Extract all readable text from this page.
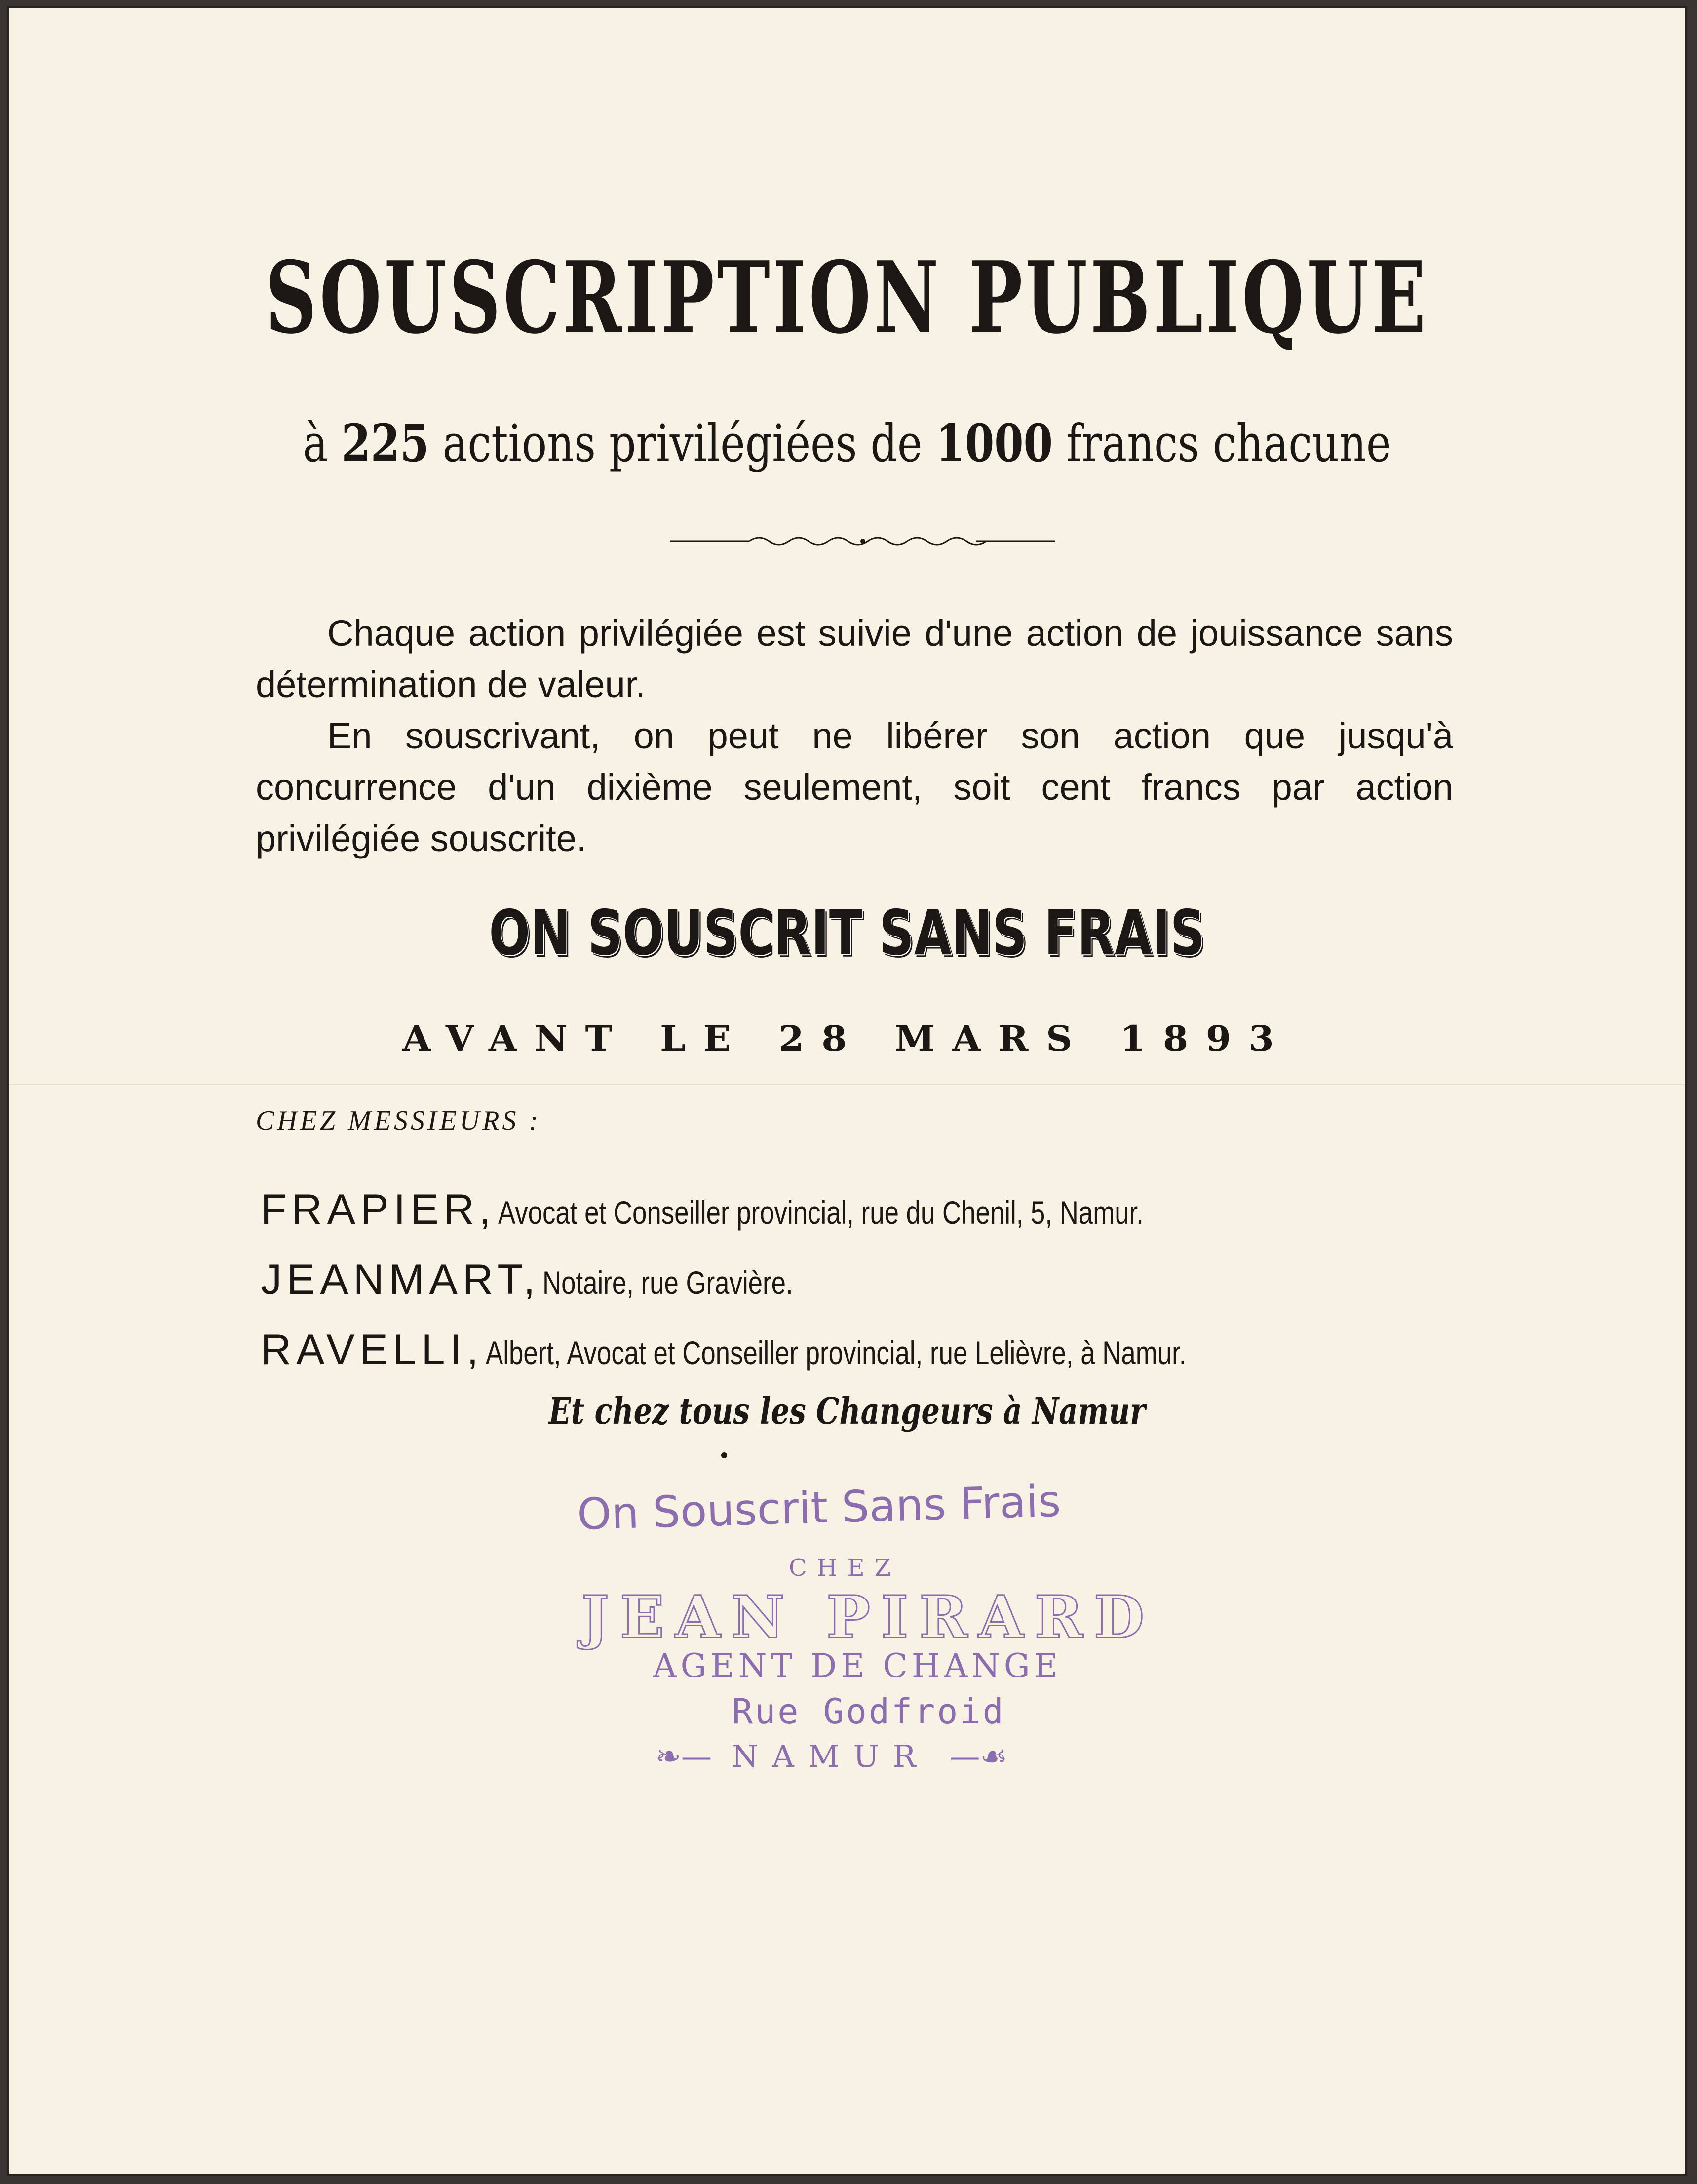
SOUSCRIPTION PUBLIQUE
à 225 actions privilégiées de 1000 francs chacune

Chaque action privilégiée est suivie d'une action de jouissance sans détermination de valeur.

En souscrivant, on peut ne libérer son action que jusqu'à concurrence d'un dixième seulement, soit cent francs par action privilégiée souscrite.

ON SOUSCRIT SANS FRAIS
AVANT LE 28 MARS 1893
CHEZ MESSIEURS :
FRAPIER, Avocat et Conseiller provincial, rue du Chenil, 5, Namur.
JEANMART, Notaire, rue Gravière.
RAVELLI, Albert, Avocat et Conseiller provincial, rue Lelièvre, à Namur.
Et chez tous les Changeurs à Namur
On Souscrit Sans Frais
CHEZ
JEAN PIRARD
AGENT DE CHANGE
Rue Godfroid
❧— NAMUR —☙
